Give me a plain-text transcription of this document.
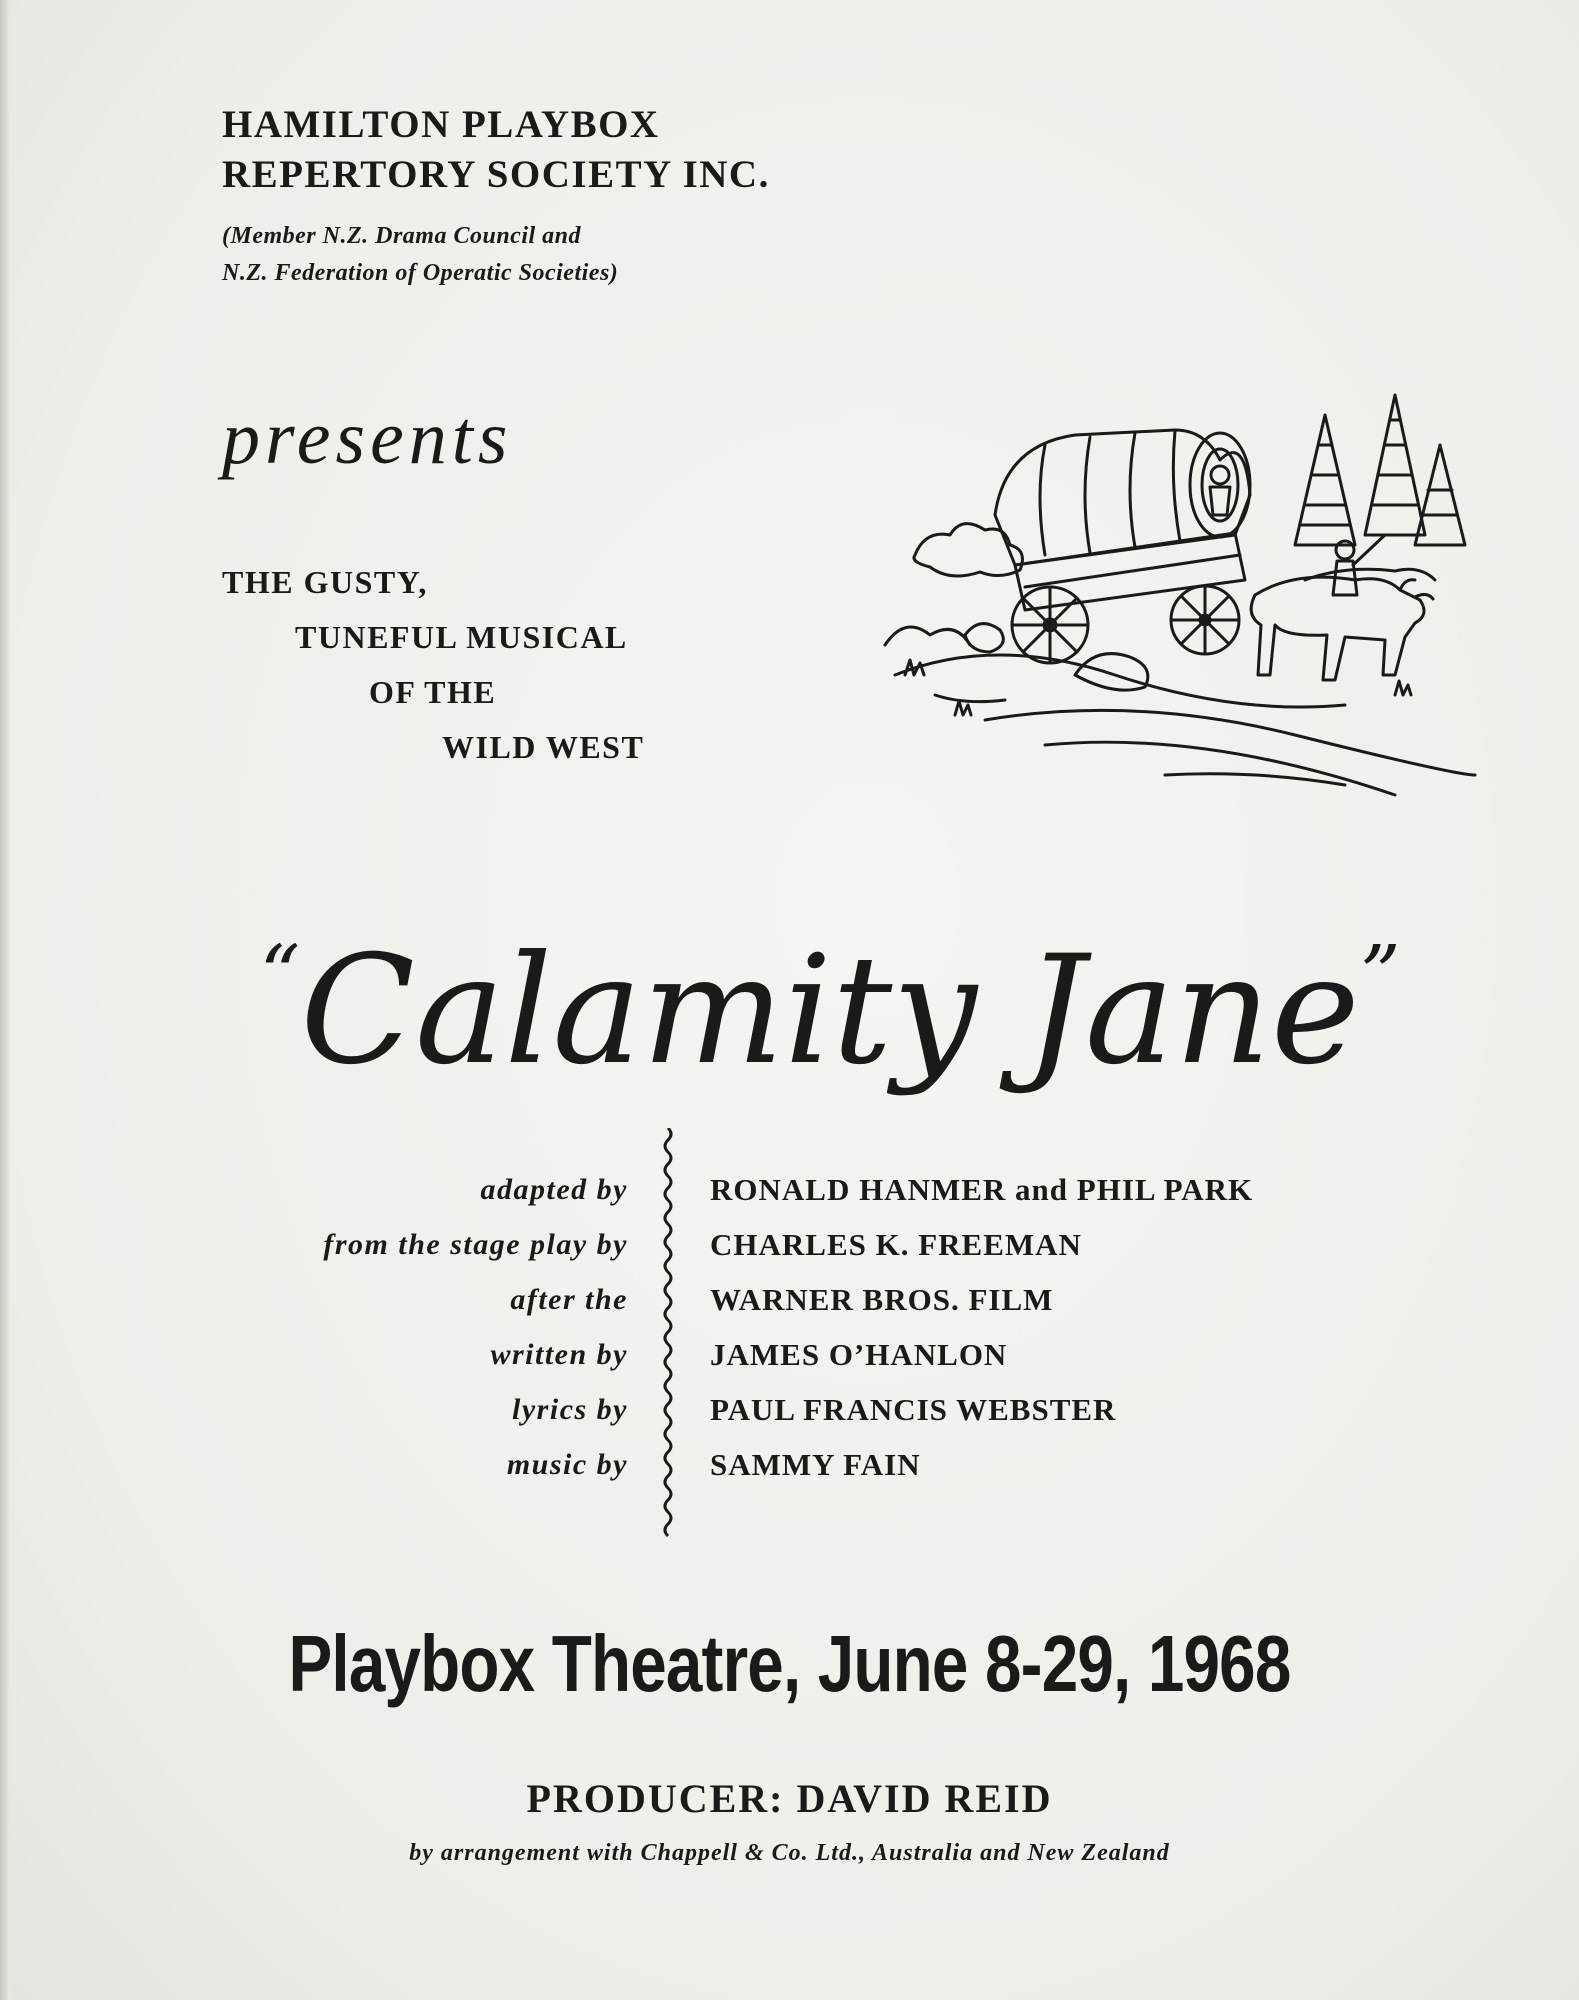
HAMILTON PLAYBOX
REPERTORY SOCIETY INC.
(Member N.Z. Drama Council and
N.Z. Federation of Operatic Societies)
presents
THE GUSTY,
TUNEFUL MUSICAL
OF THE
WILD WEST
“Calamity Jane”
adapted by
from the stage play by
after the
written by
lyrics by
music by
RONALD HANMER and PHIL PARK
CHARLES K. FREEMAN
WARNER BROS. FILM
JAMES O’HANLON
PAUL FRANCIS WEBSTER
SAMMY FAIN
Playbox Theatre, June 8-29, 1968
PRODUCER: DAVID REID
by arrangement with Chappell & Co. Ltd., Australia and New Zealand
